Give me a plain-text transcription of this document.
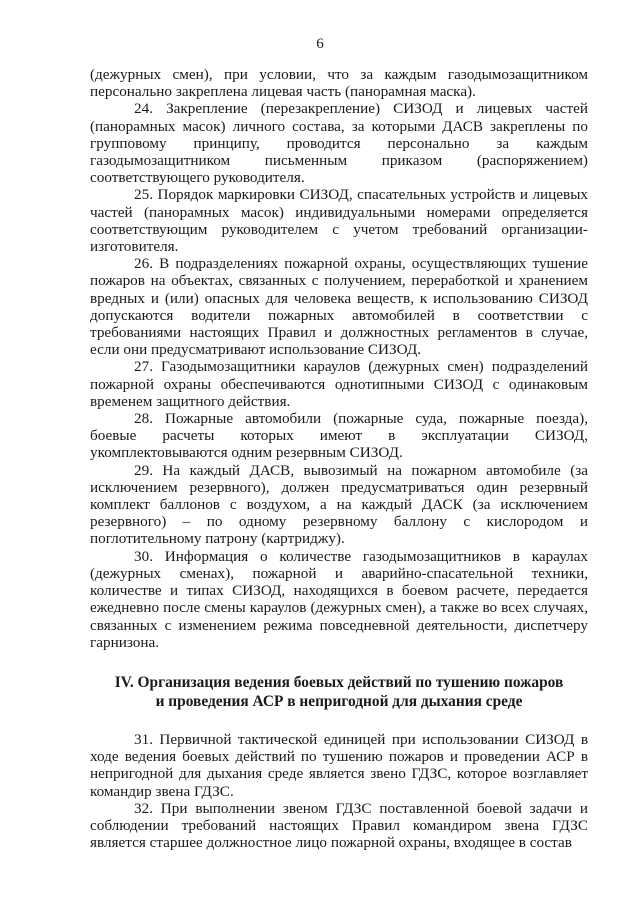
6

(дежурных смен), при условии, что за каждым газодымозащитником персонально закреплена лицевая часть (панорамная маска).

24. Закрепление (перезакрепление) СИЗОД и лицевых частей (панорамных масок) личного состава, за которыми ДАСВ закреплены по групповому принципу, проводится персонально за каждым газодымозащитником письменным приказом (распоряжением) соответствующего руководителя.

25. Порядок маркировки СИЗОД, спасательных устройств и лицевых частей (панорамных масок) индивидуальными номерами определяется соответствующим руководителем с учетом требований организации-изготовителя.

26. В подразделениях пожарной охраны, осуществляющих тушение пожаров на объектах, связанных с получением, переработкой и хранением вредных и (или) опасных для человека веществ, к использованию СИЗОД допускаются водители пожарных автомобилей в соответствии с требованиями настоящих Правил и должностных регламентов в случае, если они предусматривают использование СИЗОД.

27. Газодымозащитники караулов (дежурных смен) подразделений пожарной охраны обеспечиваются однотипными СИЗОД с одинаковым временем защитного действия.

28. Пожарные автомобили (пожарные суда, пожарные поезда), боевые расчеты которых имеют в эксплуатации СИЗОД, укомплектовываются одним резервным СИЗОД.

29. На каждый ДАСВ, вывозимый на пожарном автомобиле (за исключением резервного), должен предусматриваться один резервный комплект баллонов с воздухом, а на каждый ДАСК (за исключением резервного) – по одному резервному баллону с кислородом и поглотительному патрону (картриджу).

30. Информация о количестве газодымозащитников в караулах (дежурных сменах), пожарной и аварийно-спасательной техники, количестве и типах СИЗОД, находящихся в боевом расчете, передается ежедневно после смены караулов (дежурных смен), а также во всех случаях, связанных с изменением режима повседневной деятельности, диспетчеру гарнизона.

IV. Организация ведения боевых действий по тушению пожаров
и проведения АСР в непригодной для дыхания среде

31. Первичной тактической единицей при использовании СИЗОД в ходе ведения боевых действий по тушению пожаров и проведении АСР в непригодной для дыхания среде является звено ГДЗС, которое возглавляет командир звена ГДЗС.

32. При выполнении звеном ГДЗС поставленной боевой задачи и соблюдении требований настоящих Правил командиром звена ГДЗС является старшее должностное лицо пожарной охраны, входящее в состав
